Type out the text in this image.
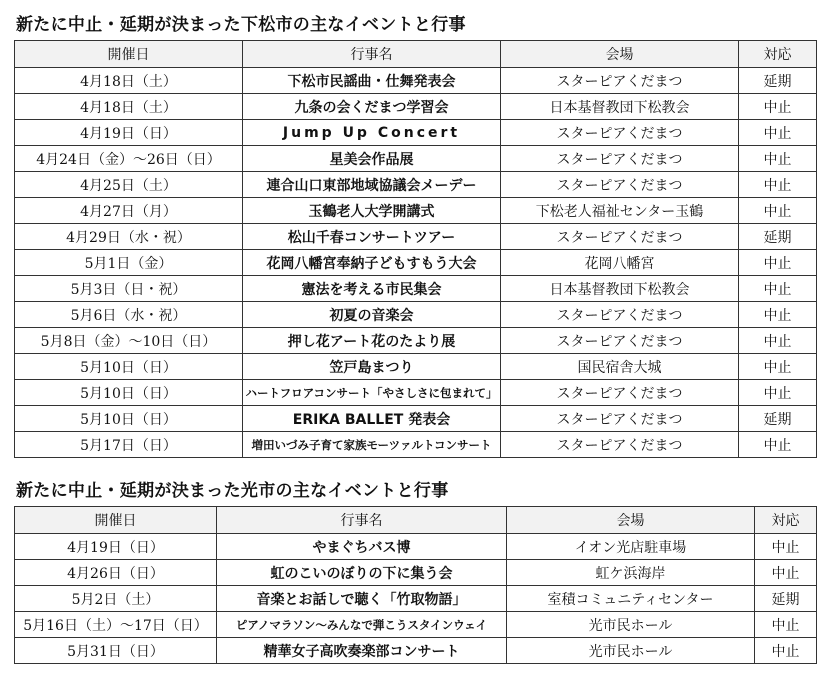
新たに中止・延期が決まった下松市の主なイベントと行事
開催日	行事名	会場	対応
4月18日（土）	下松市民謡曲・仕舞発表会	スターピアくだまつ	延期
4月18日（土）	九条の会くだまつ学習会	日本基督教団下松教会	中止
4月19日（日）	Jump Up Concert	スターピアくだまつ	中止
4月24日（金）～26日（日）	星美会作品展	スターピアくだまつ	中止
4月25日（土）	連合山口東部地域協議会メーデー	スターピアくだまつ	中止
4月27日（月）	玉鶴老人大学開講式	下松老人福祉センター玉鶴	中止
4月29日（水・祝）	松山千春コンサートツアー	スターピアくだまつ	延期
5月1日（金）	花岡八幡宮奉納子どもすもう大会	花岡八幡宮	中止
5月3日（日・祝）	憲法を考える市民集会	日本基督教団下松教会	中止
5月6日（水・祝）	初夏の音楽会	スターピアくだまつ	中止
5月8日（金）～10日（日）	押し花アート花のたより展	スターピアくだまつ	中止
5月10日（日）	笠戸島まつり	国民宿舎大城	中止
5月10日（日）	ハートフロアコンサート「やさしさに包まれて」	スターピアくだまつ	中止
5月10日（日）	ERIKA BALLET 発表会	スターピアくだまつ	延期
5月17日（日）	増田いづみ子育て家族モーツァルトコンサート	スターピアくだまつ	中止
新たに中止・延期が決まった光市の主なイベントと行事
開催日	行事名	会場	対応
4月19日（日）	やまぐちバス博	イオン光店駐車場	中止
4月26日（日）	虹のこいのぼりの下に集う会	虹ケ浜海岸	中止
5月2日（土）	音楽とお話しで聴く「竹取物語」	室積コミュニティセンター	延期
5月16日（土）～17日（日）	ピアノマラソン～みんなで弾こうスタインウェイ	光市民ホール	中止
5月31日（日）	精華女子高吹奏楽部コンサート	光市民ホール	中止
